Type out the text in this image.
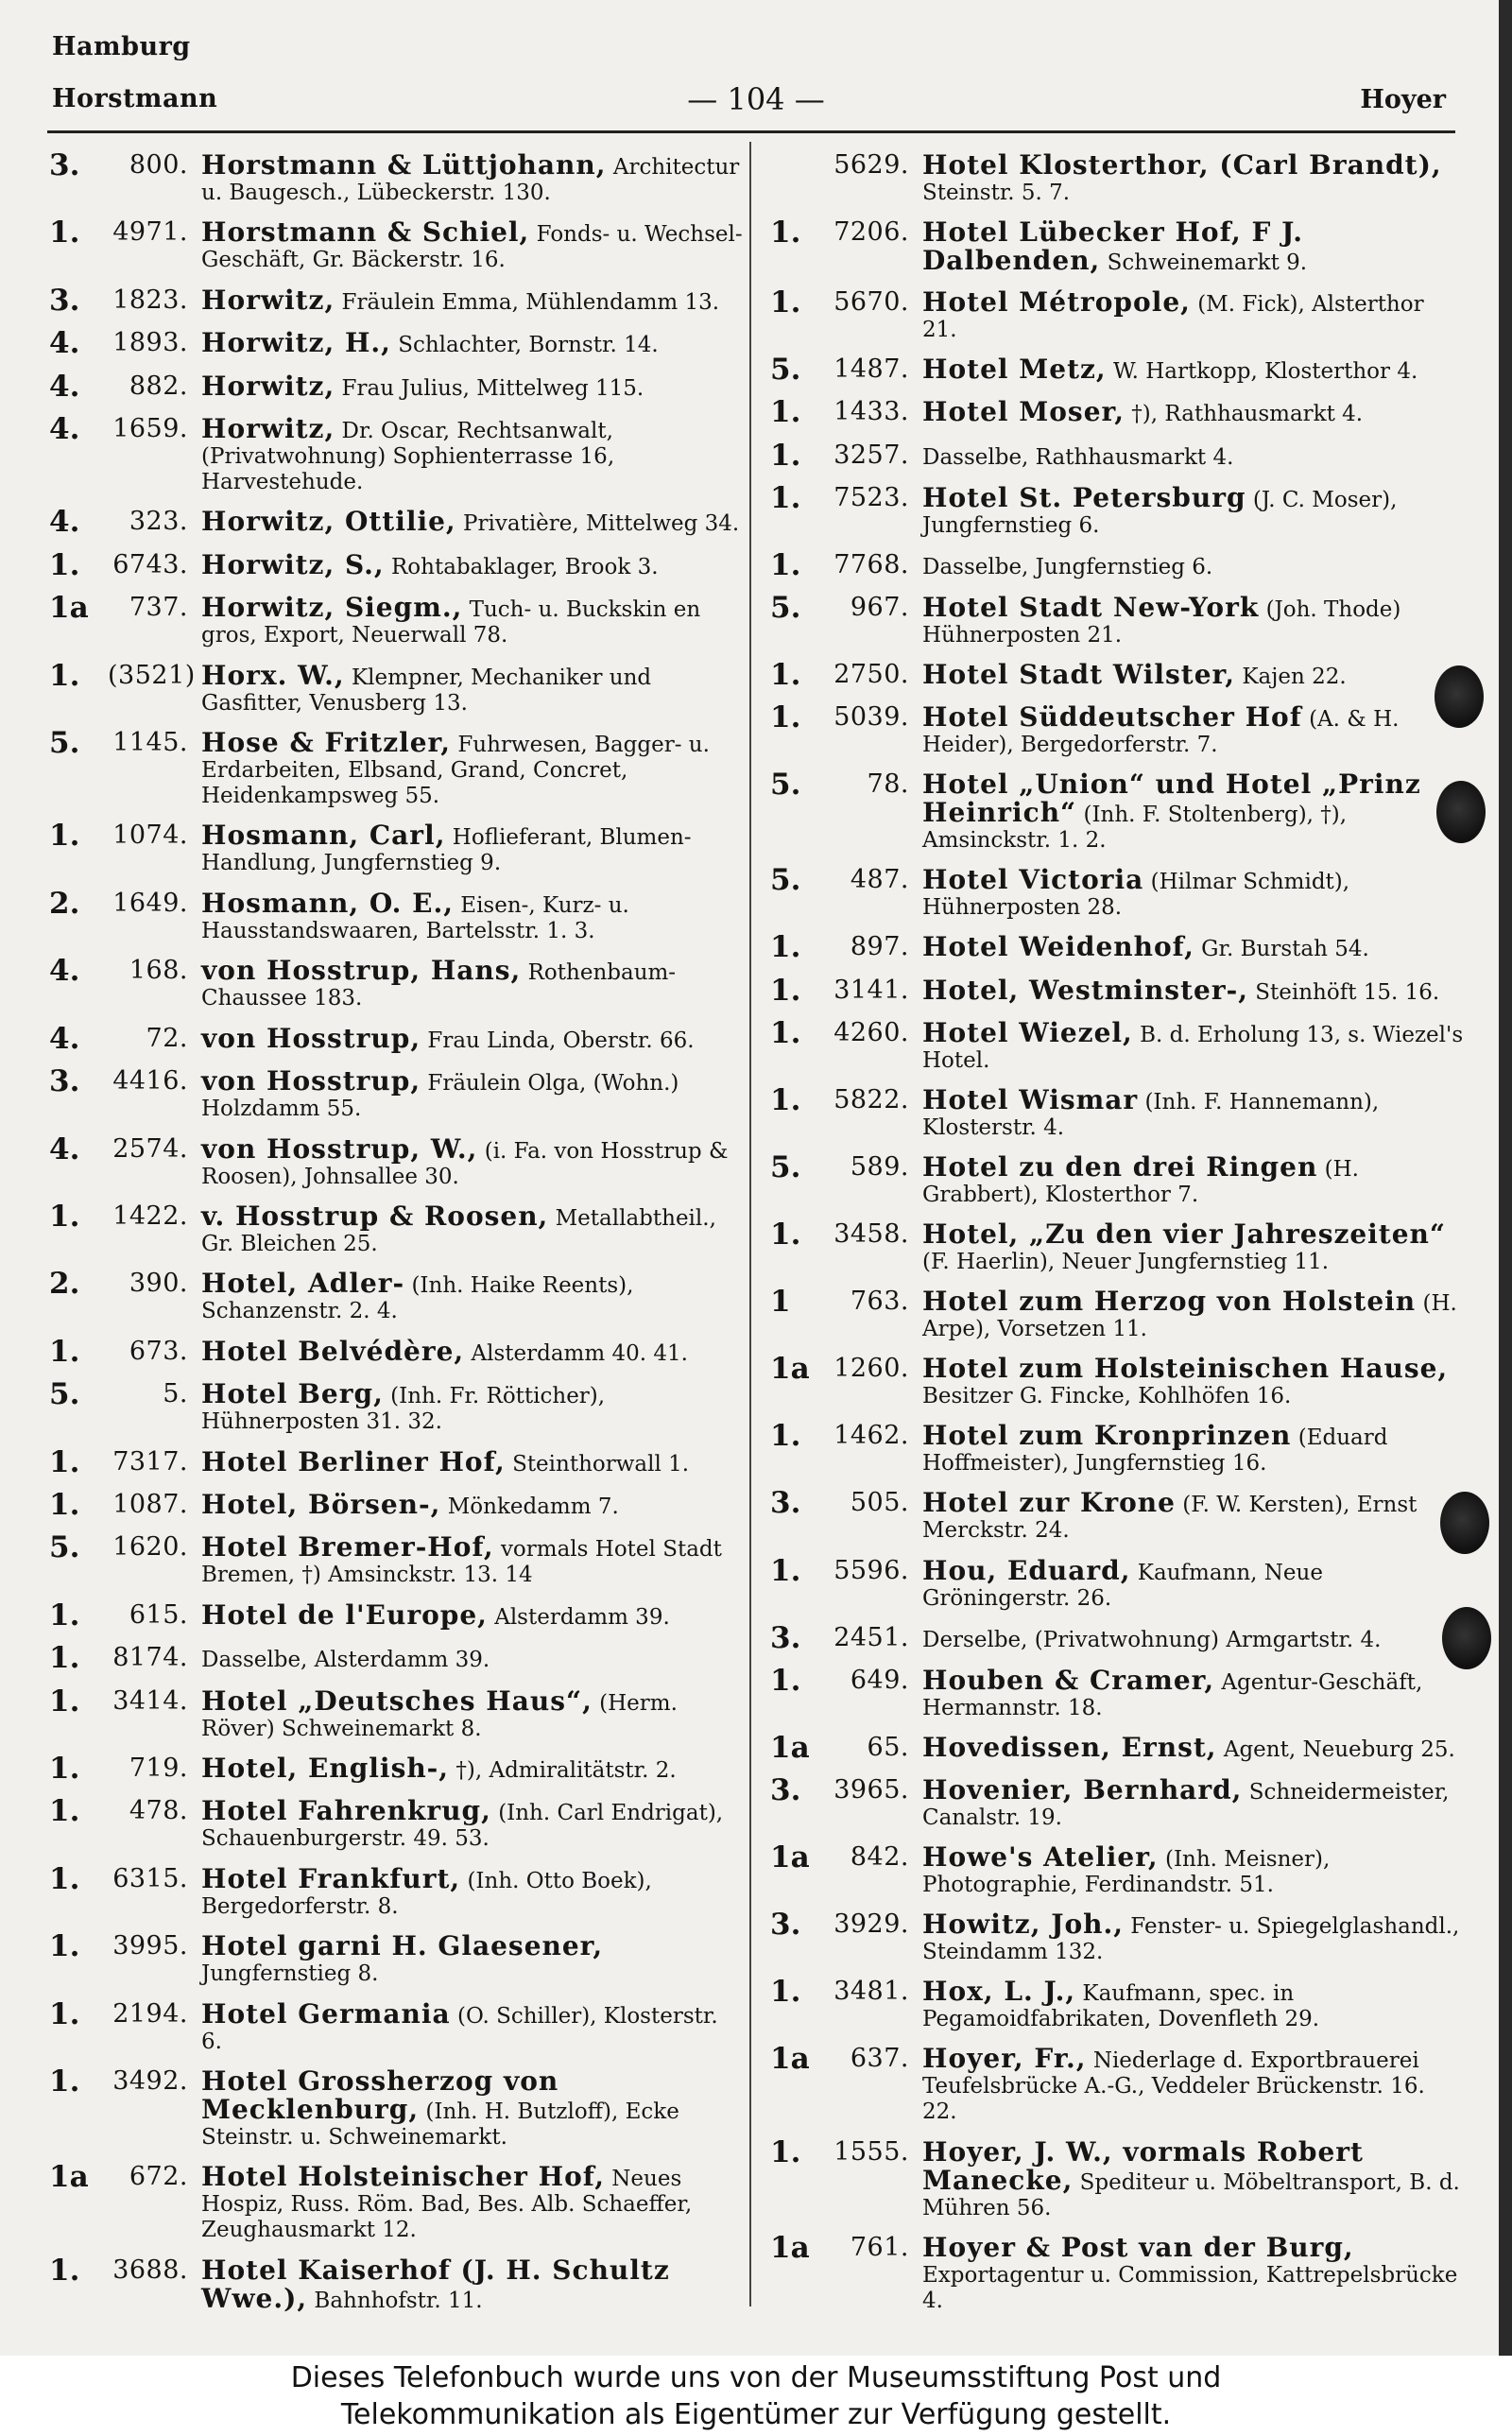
Hamburg
Horstmann	— 104 —	Hoyer
3.	800. Horstmann & Lüttjohann, Architectur u. Baugesch., Lübeckerstr. 130.
1.	4971. Horstmann & Schiel, Fonds- u. Wechsel-Geschäft, Gr. Bäckerstr. 16.
3.	1823. Horwitz, Fräulein Emma, Mühlendamm 13.
4.	1893. Horwitz, H., Schlachter, Bornstr. 14.
4.	882. Horwitz, Frau Julius, Mittelweg 115.
4.	1659. Horwitz, Dr. Oscar, Rechtsanwalt, (Privatwohnung) Sophienterrasse 16, Harvestehude.
4.	323. Horwitz, Ottilie, Privatière, Mittelweg 34.
1.	6743. Horwitz, S., Rohtabaklager, Brook 3.
1a	737. Horwitz, Siegm., Tuch- u. Buckskin en gros, Export, Neuerwall 78.
1.	(3521) Horx. W., Klempner, Mechaniker und Gasfitter, Venusberg 13.
5.	1145. Hose & Fritzler, Fuhrwesen, Bagger- u. Erdarbeiten, Elbsand, Grand, Concret, Heidenkampsweg 55.
1.	1074. Hosmann, Carl, Hoflieferant, Blumen-Handlung, Jungfernstieg 9.
2.	1649. Hosmann, O. E., Eisen-, Kurz- u. Hausstandswaaren, Bartelsstr. 1. 3.
4.	168. von Hosstrup, Hans, Rothenbaum-Chaussee 183.
4.	72. von Hosstrup, Frau Linda, Oberstr. 66.
3.	4416. von Hosstrup, Fräulein Olga, (Wohn.) Holzdamm 55.
4.	2574. von Hosstrup, W., (i. Fa. von Hosstrup & Roosen), Johnsallee 30.
1.	1422. v. Hosstrup & Roosen, Metallabtheil., Gr. Bleichen 25.
2.	390. Hotel, Adler- (Inh. Haike Reents), Schanzenstr. 2. 4.
1.	673. Hotel Belvédère, Alsterdamm 40. 41.
5.	5. Hotel Berg, (Inh. Fr. Rötticher), Hühnerposten 31. 32.
1.	7317. Hotel Berliner Hof, Steinthorwall 1.
1.	1087. Hotel, Börsen-, Mönkedamm 7.
5.	1620. Hotel Bremer-Hof, vormals Hotel Stadt Bremen, †) Amsinckstr. 13. 14
1.	615. Hotel de l'Europe, Alsterdamm 39.
1.	8174. Dasselbe, Alsterdamm 39.
1.	3414. Hotel „Deutsches Haus“, (Herm. Röver) Schweinemarkt 8.
1.	719. Hotel, English-, †), Admiralitätstr. 2.
1.	478. Hotel Fahrenkrug, (Inh. Carl Endrigat), Schauenburgerstr. 49. 53.
1.	6315. Hotel Frankfurt, (Inh. Otto Boek), Bergedorferstr. 8.
1.	3995. Hotel garni H. Glaesener, Jungfernstieg 8.
1.	2194. Hotel Germania (O. Schiller), Klosterstr. 6.
1.	3492. Hotel Grossherzog von Mecklenburg, (Inh. H. Butzloff), Ecke Steinstr. u. Schweinemarkt.
1a	672. Hotel Holsteinischer Hof, Neues Hospiz, Russ. Röm. Bad, Bes. Alb. Schaeffer, Zeughausmarkt 12.
1.	3688. Hotel Kaiserhof (J. H. Schultz Wwe.), Bahnhofstr. 11.
5629. Hotel Klosterthor, (Carl Brandt), Steinstr. 5. 7.
1.	7206. Hotel Lübecker Hof, F J. Dalbenden, Schweinemarkt 9.
1.	5670. Hotel Métropole, (M. Fick), Alsterthor 21.
5.	1487. Hotel Metz, W. Hartkopp, Klosterthor 4.
1.	1433. Hotel Moser, †), Rathhausmarkt 4.
1.	3257. Dasselbe, Rathhausmarkt 4.
1.	7523. Hotel St. Petersburg (J. C. Moser), Jungfernstieg 6.
1.	7768. Dasselbe, Jungfernstieg 6.
5.	967. Hotel Stadt New-York (Joh. Thode) Hühnerposten 21.
1.	2750. Hotel Stadt Wilster, Kajen 22.
1.	5039. Hotel Süddeutscher Hof (A. & H. Heider), Bergedorferstr. 7.
5.	78. Hotel „Union“ und Hotel „Prinz Heinrich“ (Inh. F. Stoltenberg), †), Amsinckstr. 1. 2.
5.	487. Hotel Victoria (Hilmar Schmidt), Hühnerposten 28.
1.	897. Hotel Weidenhof, Gr. Burstah 54.
1.	3141. Hotel, Westminster-, Steinhöft 15. 16.
1.	4260. Hotel Wiezel, B. d. Erholung 13, s. Wiezel's Hotel.
1.	5822. Hotel Wismar (Inh. F. Hannemann), Klosterstr. 4.
5.	589. Hotel zu den drei Ringen (H. Grabbert), Klosterthor 7.
1.	3458. Hotel, „Zu den vier Jahreszeiten“ (F. Haerlin), Neuer Jungfernstieg 11.
1	763. Hotel zum Herzog von Holstein (H. Arpe), Vorsetzen 11.
1a 1260. Hotel zum Holsteinischen Hause, Besitzer G. Fincke, Kohlhöfen 16.
1.	1462. Hotel zum Kronprinzen (Eduard Hoffmeister), Jungfernstieg 16.
3.	505. Hotel zur Krone (F. W. Kersten), Ernst Merckstr. 24.
1.	5596. Hou, Eduard, Kaufmann, Neue Gröningerstr. 26.
3.	2451. Derselbe, (Privatwohnung) Armgartstr. 4.
1.	649. Houben & Cramer, Agentur-Geschäft, Hermannstr. 18.
1a	65. Hovedissen, Ernst, Agent, Neueburg 25.
3.	3965. Hovenier, Bernhard, Schneidermeister, Canalstr. 19.
1a	842. Howe's Atelier, (Inh. Meisner), Photographie, Ferdinandstr. 51.
3.	3929. Howitz, Joh., Fenster- u. Spiegelglashandl., Steindamm 132.
1.	3481. Hox, L. J., Kaufmann, spec. in Pegamoidfabrikaten, Dovenfleth 29.
1a	637. Hoyer, Fr., Niederlage d. Exportbrauerei Teufelsbrücke A.-G., Veddeler Brückenstr. 16. 22.
1.	1555. Hoyer, J. W., vormals Robert Manecke, Spediteur u. Möbeltransport, B. d. Mühren 56.
1a	761. Hoyer & Post van der Burg, Exportagentur u. Commission, Kattrepelsbrücke 4.
Dieses Telefonbuch wurde uns von der Museumsstiftung Post und
Telekommunikation als Eigentümer zur Verfügung gestellt.
